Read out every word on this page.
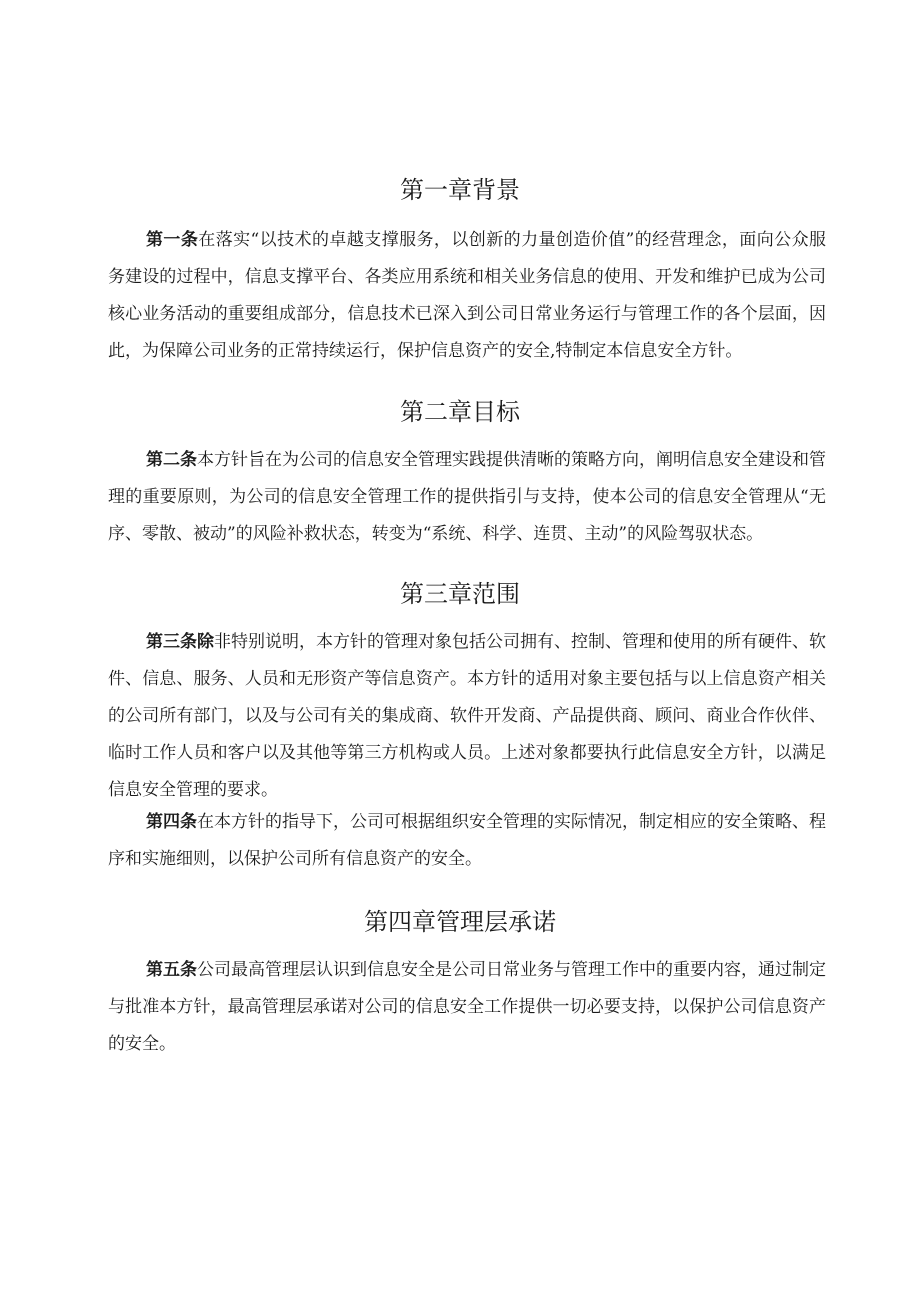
第一章背景

第一条在落实“以技术的卓越支撑服务，以创新的力量创造价值”的经营理念，面向公众服务建设的过程中，信息支撑平台、各类应用系统和相关业务信息的使用、开发和维护已成为公司核心业务活动的重要组成部分，信息技术已深入到公司日常业务运行与管理工作的各个层面，因此，为保障公司业务的正常持续运行，保护信息资产的安全,特制定本信息安全方针。

第二章目标

第二条本方针旨在为公司的信息安全管理实践提供清晰的策略方向，阐明信息安全建设和管理的重要原则，为公司的信息安全管理工作的提供指引与支持，使本公司的信息安全管理从“无序、零散、被动”的风险补救状态，转变为“系统、科学、连贯、主动”的风险驾驭状态。

第三章范围

第三条除非特别说明，本方针的管理对象包括公司拥有、控制、管理和使用的所有硬件、软件、信息、服务、人员和无形资产等信息资产。本方针的适用对象主要包括与以上信息资产相关的公司所有部门，以及与公司有关的集成商、软件开发商、产品提供商、顾问、商业合作伙伴、临时工作人员和客户以及其他等第三方机构或人员。上述对象都要执行此信息安全方针，以满足信息安全管理的要求。

第四条在本方针的指导下，公司可根据组织安全管理的实际情况，制定相应的安全策略、程序和实施细则，以保护公司所有信息资产的安全。

第四章管理层承诺

第五条公司最高管理层认识到信息安全是公司日常业务与管理工作中的重要内容，通过制定与批准本方针，最高管理层承诺对公司的信息安全工作提供一切必要支持，以保护公司信息资产的安全。
